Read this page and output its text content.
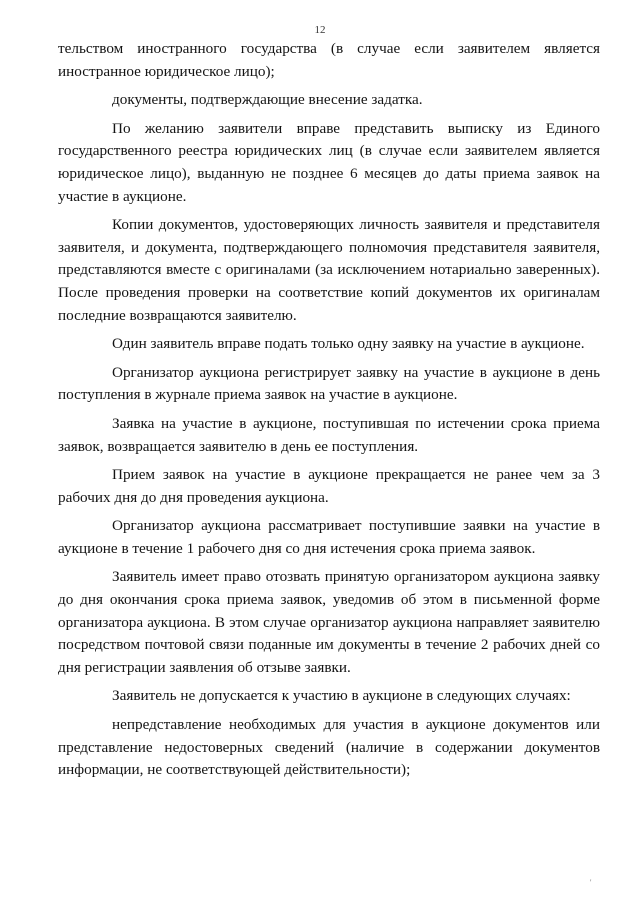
12

тельством иностранного государства (в случае если заявителем является иностранное юридическое лицо);

документы, подтверждающие внесение задатка.

По желанию заявители вправе представить выписку из Единого государственного реестра юридических лиц (в случае если заявителем является юридическое лицо), выданную не позднее 6 месяцев до даты приема заявок на участие в аукционе.

Копии документов, удостоверяющих личность заявителя и представителя заявителя, и документа, подтверждающего полномочия представителя заявителя, представляются вместе с оригиналами (за исключением нотариально заверенных). После проведения проверки на соответствие копий документов их оригиналам последние возвращаются заявителю.

Один заявитель вправе подать только одну заявку на участие в аукционе.

Организатор аукциона регистрирует заявку на участие в аукционе в день поступления в журнале приема заявок на участие в аукционе.

Заявка на участие в аукционе, поступившая по истечении срока приема заявок, возвращается заявителю в день ее поступления.

Прием заявок на участие в аукционе прекращается не ранее чем за 3 рабочих дня до дня проведения аукциона.

Организатор аукциона рассматривает поступившие заявки на участие в аукционе в течение 1 рабочего дня со дня истечения срока приема заявок.

Заявитель имеет право отозвать принятую организатором аукциона заявку до дня окончания срока приема заявок, уведомив об этом в письменной форме организатора аукциона. В этом случае организатор аукциона направляет заявителю посредством почтовой связи поданные им документы в течение 2 рабочих дней со дня регистрации заявления об отзыве заявки.

Заявитель не допускается к участию в аукционе в следующих случаях:

непредставление необходимых для участия в аукционе документов или представление недостоверных сведений (наличие в содержании документов информации, не соответствующей действительности);

'
